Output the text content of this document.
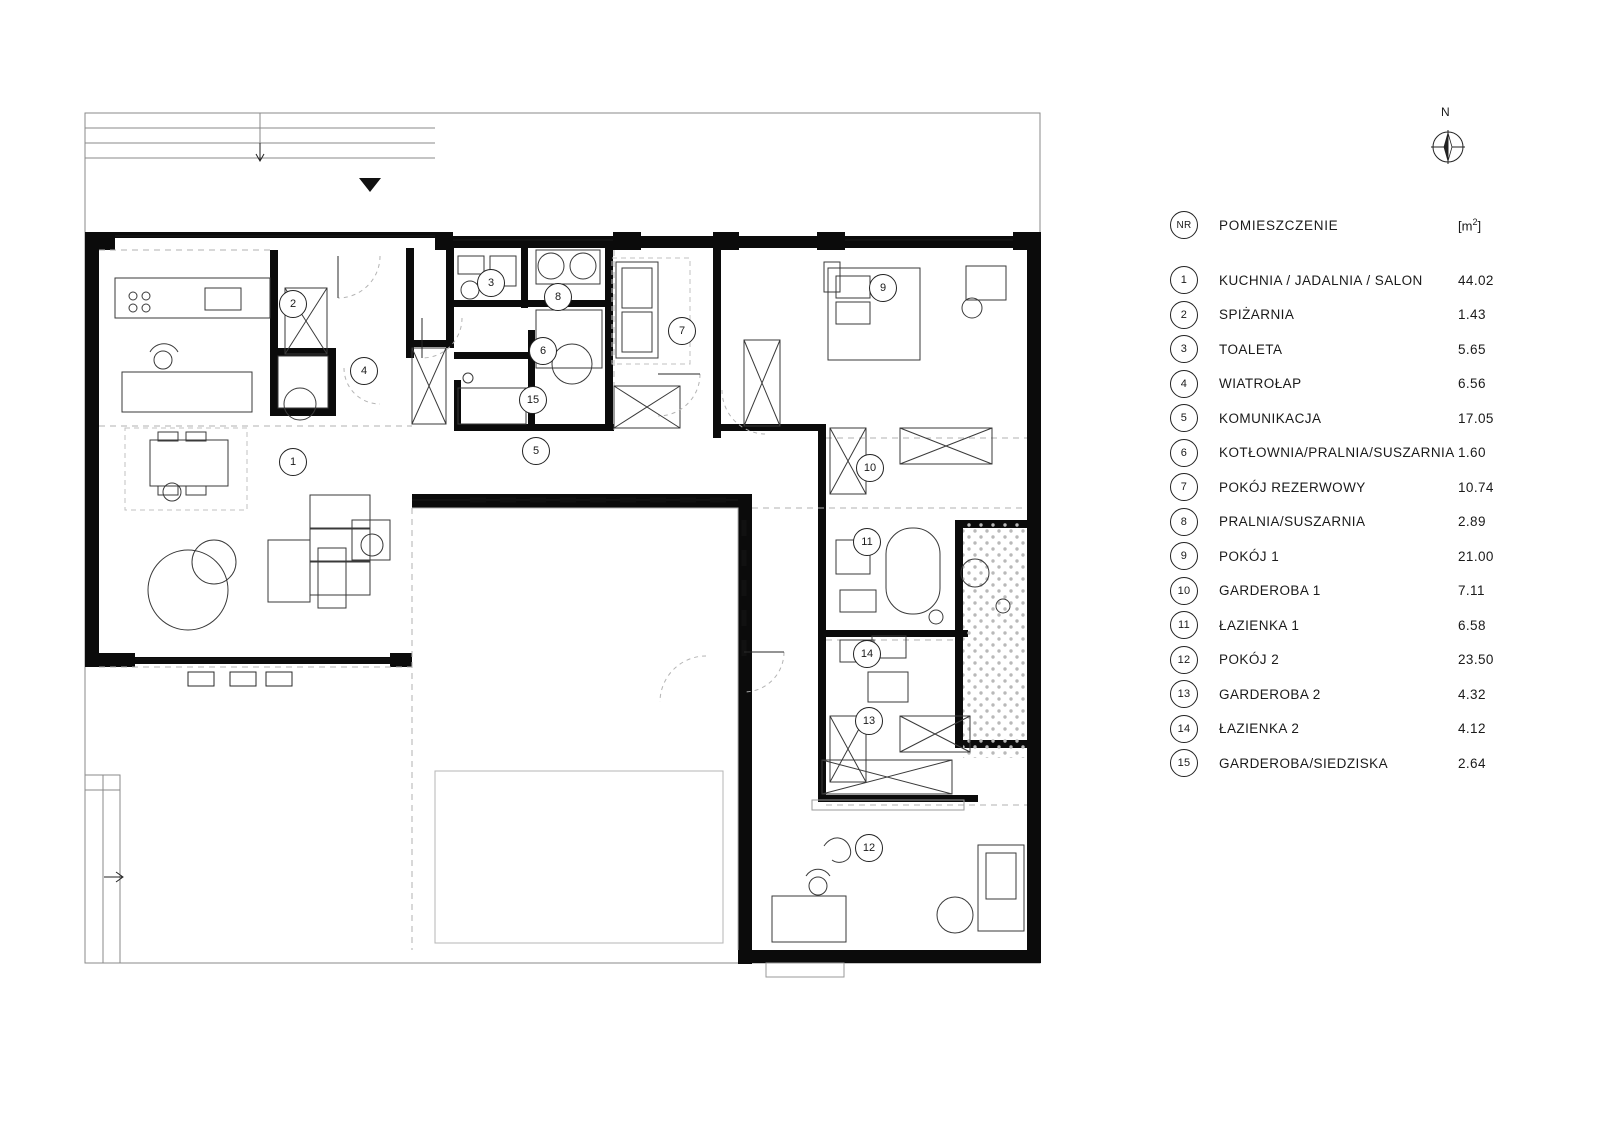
1
2
3
4
5
6
7
8
9
10
11
12
13
14
15
N
NR	POMIESZCZENIE	$[m^2]$
1	KUCHNIA / JADALNIA / SALON	44.02
2	SPIŻARNIA	1.43
3	TOALETA	5.65
4	WIATROŁAP	6.56
5	KOMUNIKACJA	17.05
6	KOTŁOWNIA/PRALNIA/SUSZARNIA 1.60
7	POKÓJ REZERWOWY	10.74
8	PRALNIA/SUSZARNIA	2.89
9	POKÓJ 1	21.00
10	GARDEROBA 1	7.11
11	ŁAZIENKA 1	6.58
12	POKÓJ 2	23.50
13	GARDEROBA 2	4.32
14	ŁAZIENKA 2	4.12
15	GARDEROBA/SIEDZISKA	2.64
